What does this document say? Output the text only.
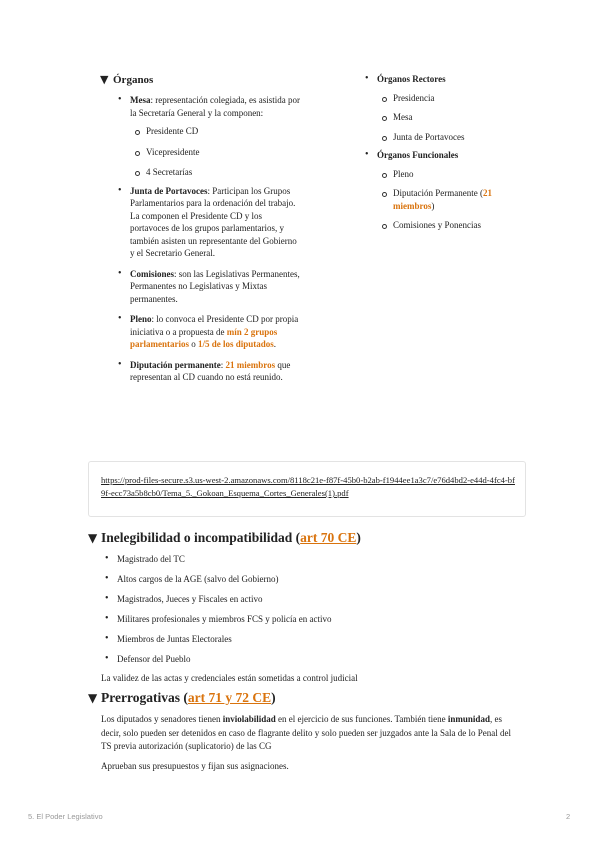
▼ Órganos
• Mesa: representación colegiada, es asistida por la Secretaría General y la componen:
Presidente CD
Vicepresidente
4 Secretarías
• Junta de Portavoces: Participan los Grupos Parlamentarios para la ordenación del trabajo. La componen el Presidente CD y los portavoces de los grupos parlamentarios, y también asisten un representante del Gobierno y el Secretario General.
• Comisiones: son las Legislativas Permanentes, Permanentes no Legislativas y Mixtas permanentes.
• Pleno: lo convoca el Presidente CD por propia iniciativa o a propuesta de mín 2 grupos parlamentarios o 1/5 de los diputados.
• Diputación permanente: 21 miembros que representan al CD cuando no está reunido.
• Órganos Rectores
Presidencia
Mesa
Junta de Portavoces
• Órganos Funcionales
Pleno
Diputación Permanente (21 miembros)
Comisiones y Ponencias
https://prod-files-secure.s3.us-west-2.amazonaws.com/8118c21e-f87f-45b0-b2ab-f1944ee1a3c7/e76d4bd2-e44d-4fc4-bf9f-ecc73a5b8cb0/Tema_5._Gokoan_Esquema_Cortes_Generales(1).pdf
▼ Inelegibilidad o incompatibilidad (art 70 CE)
• Magistrado del TC
• Altos cargos de la AGE (salvo del Gobierno)
• Magistrados, Jueces y Fiscales en activo
• Militares profesionales y miembros FCS y policía en activo
• Miembros de Juntas Electorales
• Defensor del Pueblo
La validez de las actas y credenciales están sometidas a control judicial
▼ Prerrogativas (art 71 y 72 CE)
Los diputados y senadores tienen inviolabilidad en el ejercicio de sus funciones. También tiene inmunidad, es decir, solo pueden ser detenidos en caso de flagrante delito y solo pueden ser juzgados ante la Sala de lo Penal del TS previa autorización (suplicatorio) de las CG
Aprueban sus presupuestos y fijan sus asignaciones.
5. El Poder Legislativo	2
